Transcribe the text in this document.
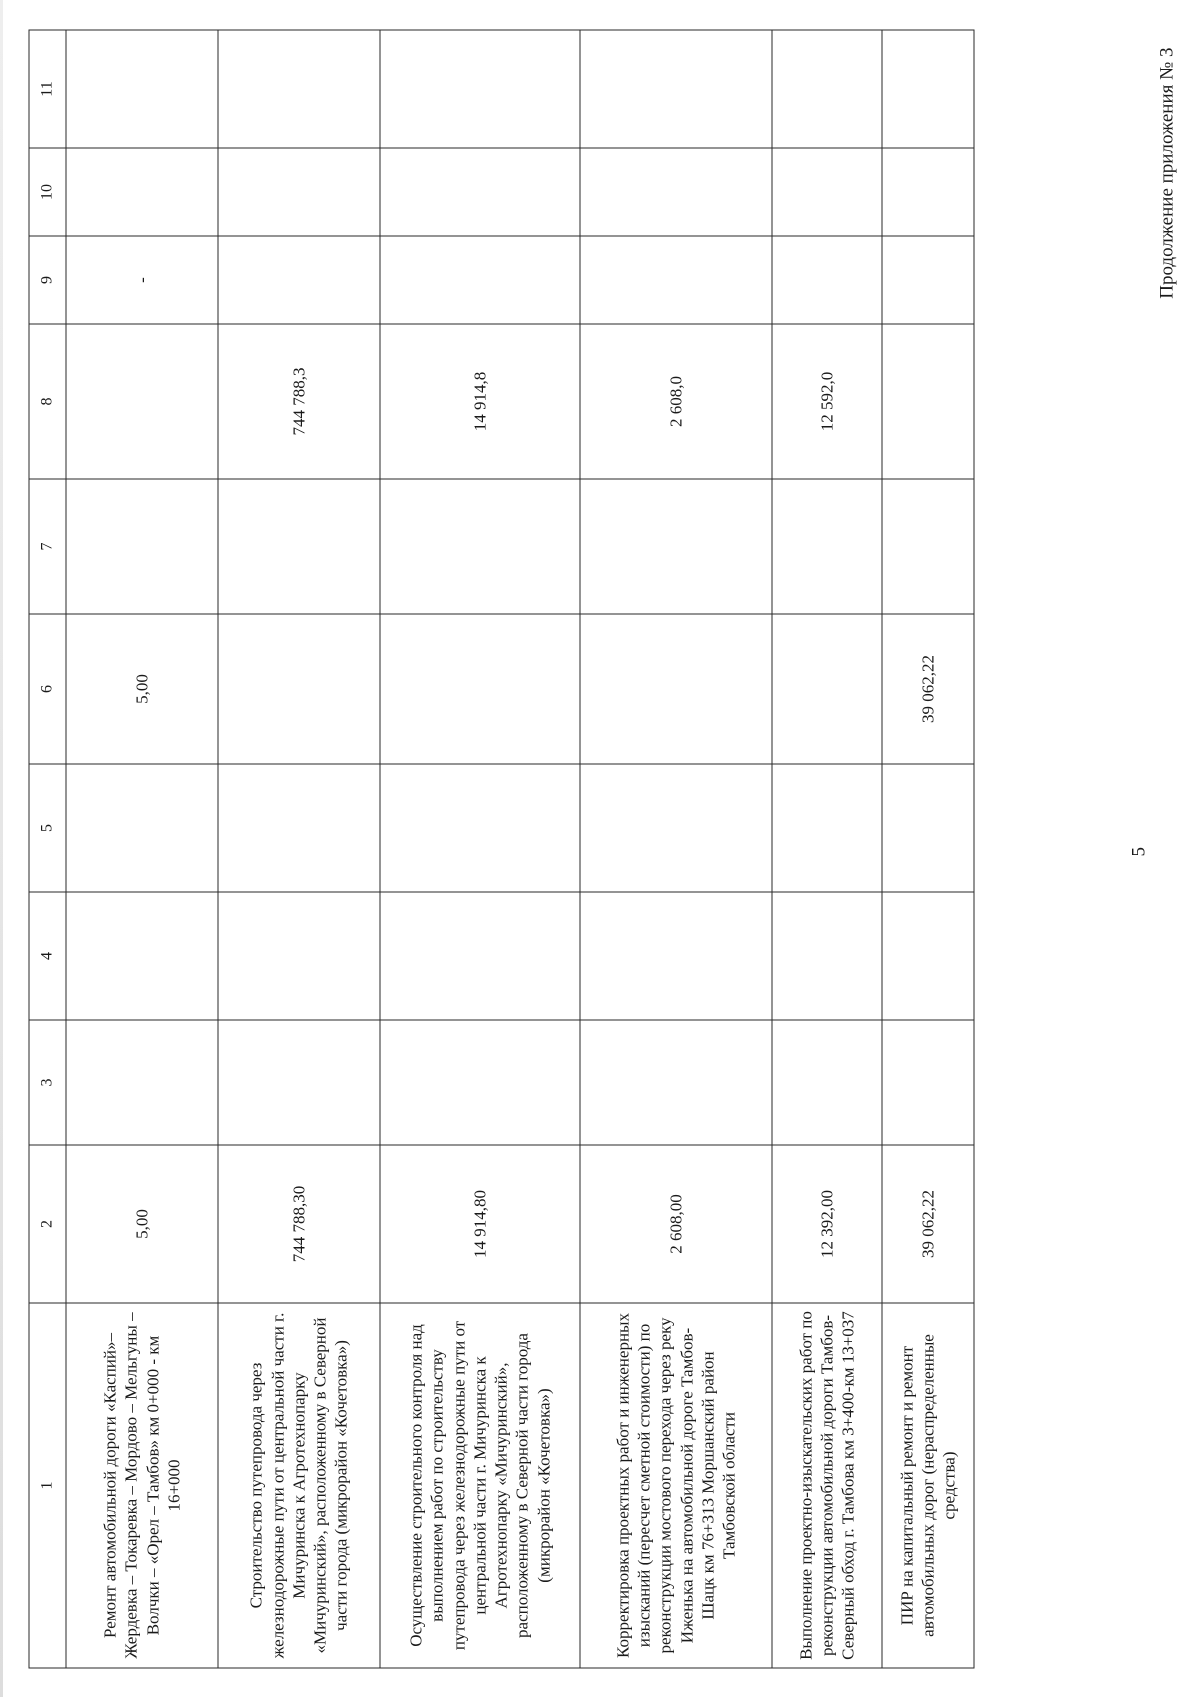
5
Продолжение приложения № 3
1	2	3	4	5	6	7	8	9	10	11
Ремонт автомобильной дороги «Каспий»–Жердевка – Токаревка – Мордово – Мельгуны – Волчки – «Орел – Тамбов» км 0+000 - км 16+000	5,00				5,00			-		
Строительство путепровода через железнодорожные пути от центральной части г. Мичуринска к Агротехнопарку «Мичуринский», расположенному в Северной части города (микрорайон «Кочетовка»)	744 788,30						744 788,3			
Осуществление строительного контроля над выполнением работ по строительству путепровода через железнодорожные пути от центральной части г. Мичуринска к Агротехнопарку «Мичуринский», расположенному в Северной части города (микрорайон «Кочетовка»)	14 914,80						14 914,8			
Корректировка проектных работ и инженерных изысканий (пересчет сметной стоимости) по реконструкции мостового перехода через реку Иженька на автомобильной дороге Тамбов-Шацк км 76+313 Моршанский район Тамбовской области	2 608,00						2 608,0			
Выполнение проектно-изыскательских работ по реконструкции автомобильной дороги Тамбов-Северный обход г. Тамбова км 3+400-км 13+037	12 392,00						12 592,0			
ПИР на капитальный ремонт и ремонт автомобильных дорог (нераспределенные средства)	39 062,22				39 062,22					
